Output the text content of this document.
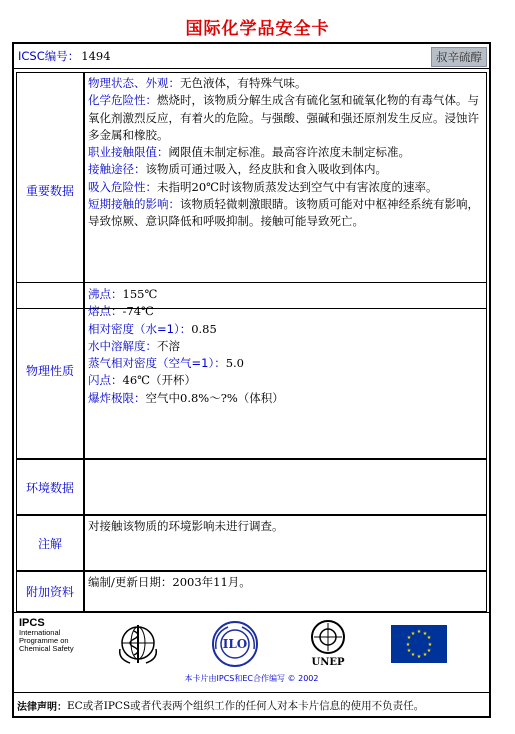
国际化学品安全卡
ICSC编号： 1494	叔辛硫醇
重要数据

物理状态、外观：无色液体，有特殊气味。

化学危险性：燃烧时，该物质分解生成含有硫化氢和硫氧化物的有毒气体。与氧化剂激烈反应，有着火的危险。与强酸、强碱和强还原剂发生反应。浸蚀许多金属和橡胶。

职业接触限值：阈限值未制定标准。最高容许浓度未制定标准。

接触途径：该物质可通过吸入，经皮肤和食入吸收到体内。

吸入危险性：未指明20℃时该物质蒸发达到空气中有害浓度的速率。

短期接触的影响：该物质轻微刺激眼睛。该物质可能对中枢神经系统有影响，导致惊厥、意识降低和呼吸抑制。接触可能导致死亡。

物理性质

沸点：155℃

熔点：-74℃

相对密度（水=1）：0.85

水中溶解度：不溶

蒸气相对密度（空气=1）：5.0

闪点：46℃（开杯）

爆炸极限：空气中0.8%～?%（体积）

环境数据
注解
对接触该物质的环境影响未进行调查。
附加资料
编制/更新日期：2003年11月。
IPCS
International
Programme on
Chemical Safety	ILO
UNEP
★ ★
★
★
★
★
★
★
★
★
★
★
本卡片由IPCS和EC合作编写 © 2002
法律声明： EC或者IPCS或者代表两个组织工作的任何人对本卡片信息的使用不负责任。
